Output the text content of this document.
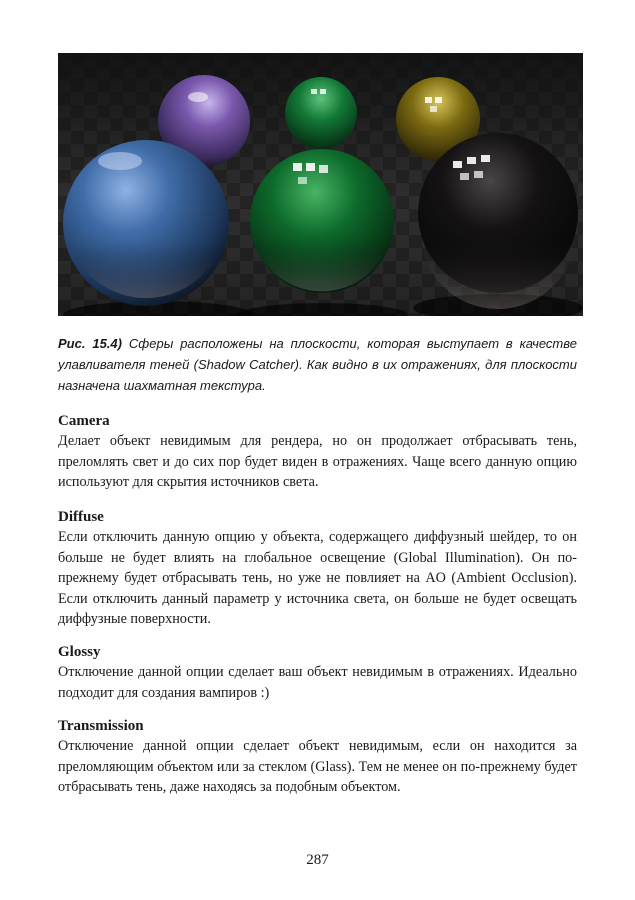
Рис. 15.4) Сферы расположены на плоскости, которая выступает в качестве улавливателя теней (Shadow Catcher). Как видно в их отражениях, для плоскости назначена шахматная текстура.

Camera

Делает объект невидимым для рендера, но он продолжает отбрасывать тень, преломлять свет и до сих пор будет виден в отражениях. Чаще всего данную опцию используют для скрытия источников света.

Diffuse

Если отключить данную опцию у объекта, содержащего диффузный шейдер, то он больше не будет влиять на глобальное освещение (Global Illumination). Он по-прежнему будет отбрасывать тень, но уже не повлияет на AO (Ambient Occlusion). Если отключить данный параметр у источника света, он больше не будет освещать диффузные поверхности.

Glossy

Отключение данной опции сделает ваш объект невидимым в отражениях. Идеально подходит для создания вампиров :)

Transmission

Отключение данной опции сделает объект невидимым, если он находится за преломляющим объектом или за стеклом (Glass). Тем не менее он по-прежнему будет отбрасывать тень, даже находясь за подобным объектом.

287
